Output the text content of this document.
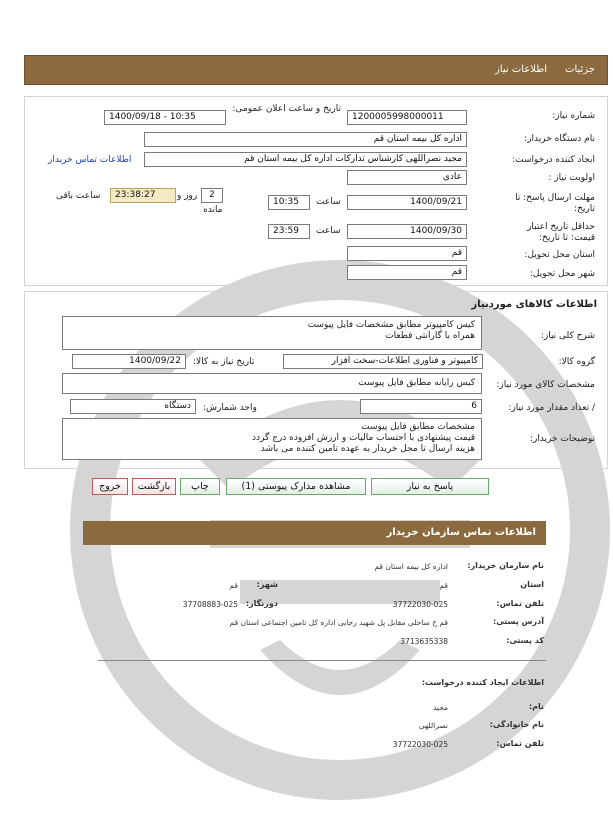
جزئیات
اطلاعات نیاز
شماره نیاز:
1200005998000011
تاریخ و ساعت اعلان عمومی:
1400/09/18 - 10:35
نام دستگاه خریدار:
اداره کل بیمه استان قم
ایجاد کننده درخواست:
مجید نصراللهی کارشناس تدارکات اداره کل بیمه استان قم
اطلاعات تماس خریدار
اولویت نیاز :
عادی
مهلت ارسال پاسخ: تا تاریخ:
1400/09/21
ساعت
10:35
2
روز و
23:38:27
ساعت باقی
مانده
حداقل تاریخ اعتبار قیمت: تا تاریخ:
1400/09/30
ساعت
23:59
استان محل تحویل:
قم
شهر محل تحویل:
قم
اطلاعات کالاهای موردنیاز
شرح کلی نیاز:
کیس کامپیوتر مطابق مشخصات فایل پیوست
همراه با گارانتی قطعات
گروه کالا:
کامپیوتر و فناوری اطلاعات-سخت افزار
تاریخ نیاز به کالا:
1400/09/22
مشخصات کالای مورد نیاز:
کیس رایانه مطابق فایل پیوست
/ تعداد مقدار مورد نیاز:
6
واحد شمارش:
دستگاه
توضیحات خریدار:
مشخصات مطابق فایل پیوست
قیمت پیشنهادی با احتساب مالیات و ارزش افزوده درج گردد
هزینه ارسال تا محل خریدار به عهده تامین کننده می باشد
پاسخ به نیاز
مشاهده مدارک پیوستی (1)
چاپ
بازگشت
خروج
اطلاعات تماس سازمان خریدار
نام سازمان خریدار:
اداره کل بیمه استان قم
استان
قم
شهر:
قم
تلفن تماس:
37722030-025
دورنگار:
37708883-025
آدرس پستی:
قم خ ساحلی مقابل پل شهید رجایی اداره کل تامین اجتماعی استان قم
کد پستی:
3713635338
اطلاعات ایجاد کننده درخواست:
نام:
مجید
نام خانوادگی:
نصراللهی
تلفن تماس:
37722030-025
